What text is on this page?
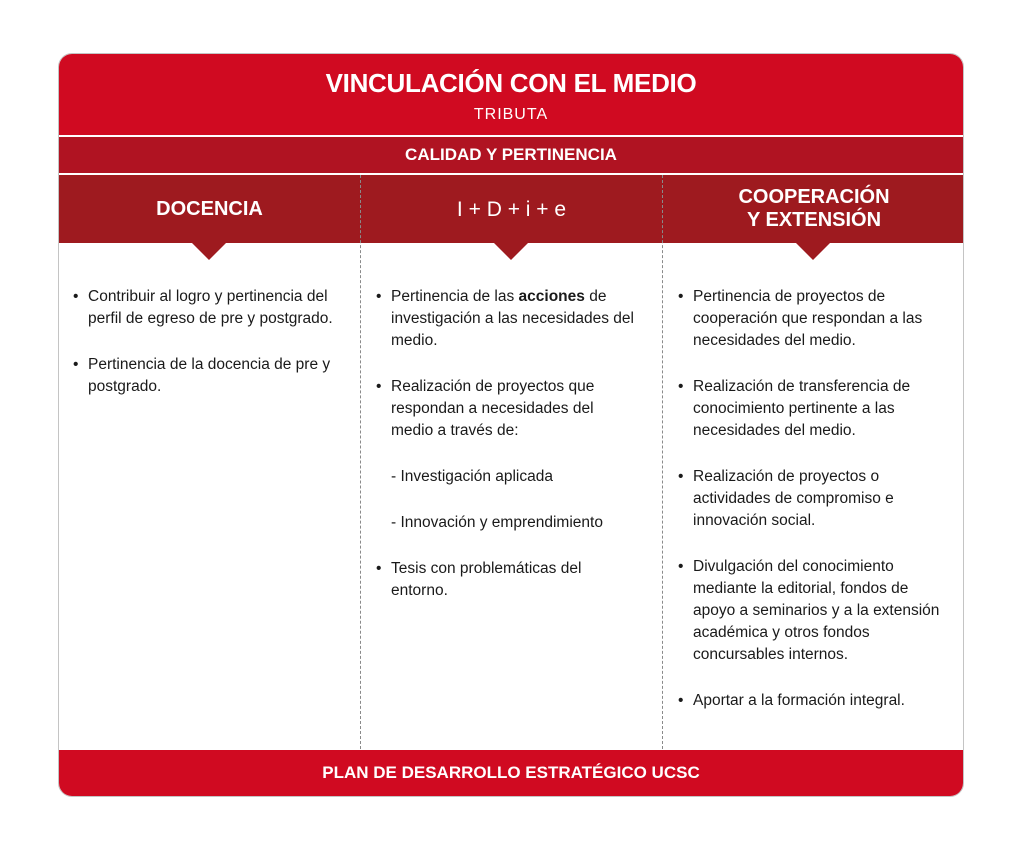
VINCULACIÓN CON EL MEDIO
TRIBUTA
CALIDAD Y PERTINENCIA
DOCENCIA	I + D + i + e
COOPERACIÓN
Y EXTENSIÓN
• Contribuir al logro y pertinencia del perfil de egreso de pre y postgrado.
• Pertinencia de la docencia de pre y postgrado.
• Pertinencia de las acciones de investigación a las necesidades del medio.
• Realización de proyectos que respondan a necesidades del medio a través de:
- Investigación aplicada
- Innovación y emprendimiento
• Tesis con problemáticas del entorno.
• Pertinencia de proyectos de cooperación que respondan a las necesidades del medio.
• Realización de transferencia de conocimiento pertinente a las necesidades del medio.
• Realización de proyectos o actividades de compromiso e innovación social.
• Divulgación del conocimiento mediante la editorial, fondos de apoyo a seminarios y a la extensión académica y otros fondos concursables internos.
• Aportar a la formación integral.
PLAN DE DESARROLLO ESTRATÉGICO UCSC
